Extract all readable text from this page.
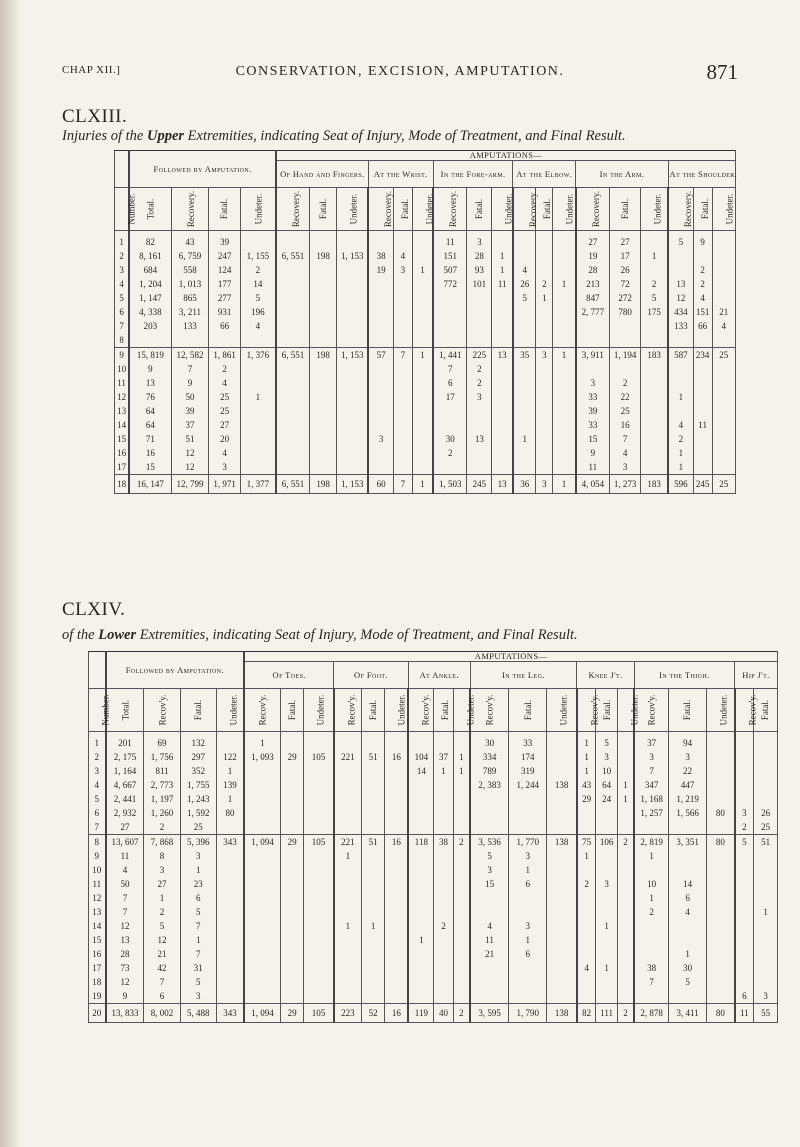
CHAP XII.]	CONSERVATION, EXCISION, AMPUTATION.	871
CLXIII.
Injuries of the Upper Extremities, indicating Seat of Injury, Mode of Treatment, and Final Result.
	Followed by Amputation.				AMPUTATIONS—																	
					Of Hand and Fingers.			At the Wrist.			In the Fore-arm.			At the Elbow.			In the Arm.			At the Shoulder.		
Number.	Total.	Recovery.	Fatal.	Undeter.	Recovery.	Fatal.	Undeter.	Recovery.	Fatal.	Undeter.	Recovery.	Fatal.	Undeter.	Recovery.	Fatal.	Undeter.	Recovery.	Fatal.	Undeter.	Recovery.	Fatal.	Undeter.
1	82	43	39								11	3					27	27		5	9	
2	8, 161	6, 759	247	1, 155	6, 551	198	1, 153	38	4		151	28	1				19	17	1			
3	684	558	124	2				19	3	1	507	93	1	4			28	26			2	
4	1, 204	1, 013	177	14							772	101	11	26	2	1	213	72	2	13	2	
5	1, 147	865	277	5										5	1		847	272	5	12	4	
6	4, 338	3, 211	931	196													2, 777	780	175	434	151	21
7	203	133	66	4																133	66	4
8																						
9	15, 819	12, 582	1, 861	1, 376	6, 551	198	1, 153	57	7	1	1, 441	225	13	35	3	1	3, 911	1, 194	183	587	234	25
10	9	7	2								7	2										
11	13	9	4								6	2					3	2				
12	76	50	25	1							17	3					33	22		1		
13	64	39	25														39	25				
14	64	37	27														33	16		4	11	
15	71	51	20					3			30	13		1			15	7		2		
16	16	12	4								2						9	4		1		
17	15	12	3														11	3		1		
18	16, 147	12, 799	1, 971	1, 377	6, 551	198	1, 153	60	7	1	1, 503	245	13	36	3	1	4, 054	1, 273	183	596	245	25
CLXIV.
of the Lower Extremities, indicating Seat of Injury, Mode of Treatment, and Final Result.
	Followed by Amputation.				AMPUTATIONS—																			
					Of Toes.			Of Foot.			At Ankle.			In the Leg.			Knee J't.			In the Thigh.			Hip J't.	
Number.	Total.	Recov'y.	Fatal.	Undeter.	Recov'y.	Fatal.	Undeter.	Recov'y.	Fatal.	Undeter.	Recov'y.	Fatal.	Undeter.	Recov'y.	Fatal.	Undeter.	Recov'y.	Fatal.	Undeter.	Recov'y.	Fatal.	Undeter.	Recov'y.	Fatal.
1	201	69	132		1									30	33		1	5		37	94			
2	2, 175	1, 756	297	122	1, 093	29	105	221	51	16	104	37	1	334	174		1	3		3	3			
3	1, 164	811	352	1							14	1	1	789	319		1	10		7	22			
4	4, 667	2, 773	1, 755	139										2, 383	1, 244	138	43	64	1	347	447			
5	2, 441	1, 197	1, 243	1													29	24	1	1, 168	1, 219			
6	2, 932	1, 260	1, 592	80																1, 257	1, 566	80	3	26
7	27	2	25																				2	25
8	13, 607	7, 868	5, 396	343	1, 094	29	105	221	51	16	118	38	2	3, 536	1, 770	138	75	106	2	2, 819	3, 351	80	5	51
9	11	8	3					1						5	3		1			1				
10	4	3	1											3	1									
11	50	27	23											15	6		2	3		10	14			
12	7	1	6																	1	6			
13	7	2	5																	2	4			1
14	12	5	7					1	1			2		4	3			1						
15	13	12	1								1			11	1									
16	28	21	7											21	6						1			
17	73	42	31														4	1		38	30			
18	12	7	5																	7	5			
19	9	6	3																				6	3
20	13, 833	8, 002	5, 488	343	1, 094	29	105	223	52	16	119	40	2	3, 595	1, 790	138	82	111	2	2, 878	3, 411	80	11	55
